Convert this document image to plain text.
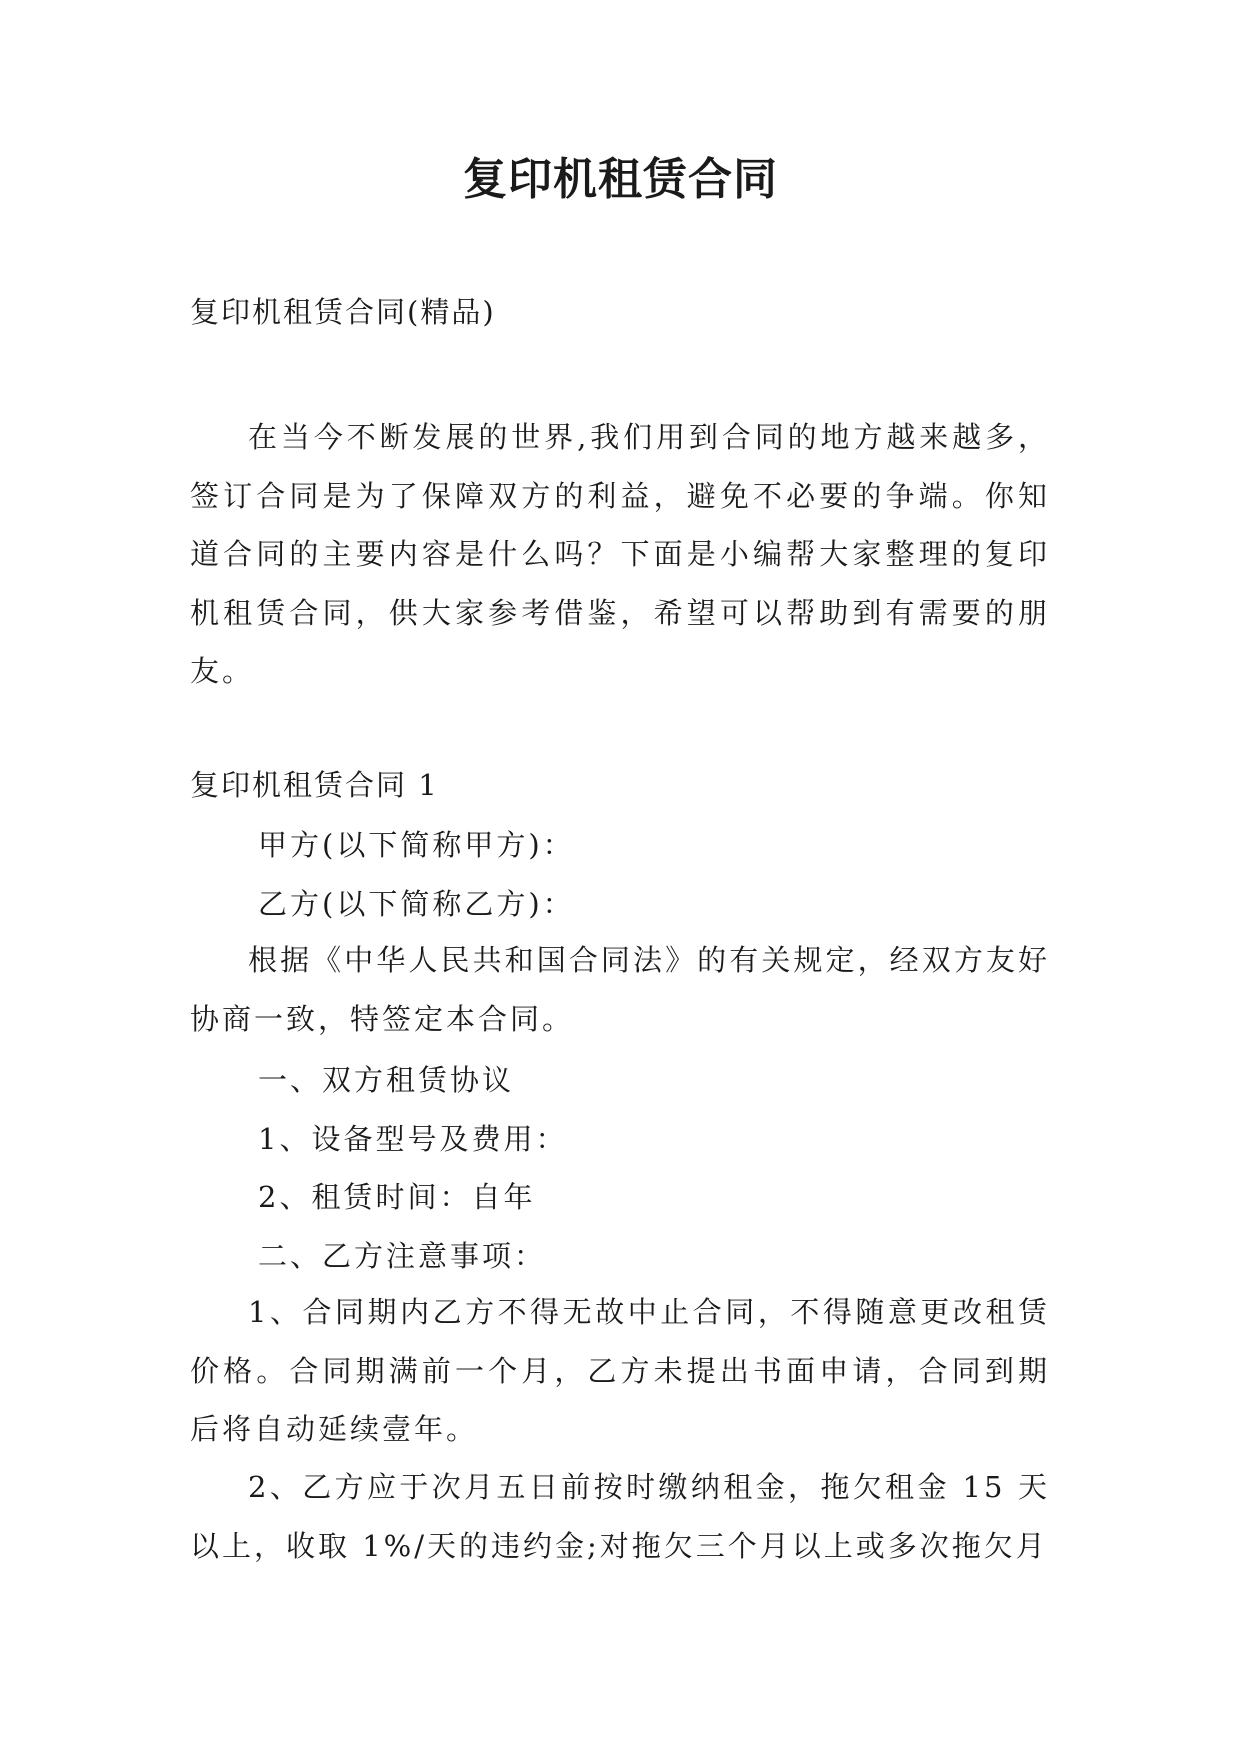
复印机租赁合同

复印机租赁合同(精品)

在当今不断发展的世界,我们用到合同的地方越来越多，签订合同是为了保障双方的利益，避免不必要的争端。你知道合同的主要内容是什么吗？下面是小编帮大家整理的复印机租赁合同，供大家参考借鉴，希望可以帮助到有需要的朋友。

复印机租赁合同 1

甲方(以下简称甲方)：

乙方(以下简称乙方)：

根据《中华人民共和国合同法》的有关规定，经双方友好协商一致，特签定本合同。

一、双方租赁协议

1、设备型号及费用：

2、租赁时间：自年

二、乙方注意事项：

1、合同期内乙方不得无故中止合同，不得随意更改租赁价格。合同期满前一个月，乙方未提出书面申请，合同到期后将自动延续壹年。

2、乙方应于次月五日前按时缴纳租金，拖欠租金 15 天以上，收取 1%/天的违约金;对拖欠三个月以上或多次拖欠月
